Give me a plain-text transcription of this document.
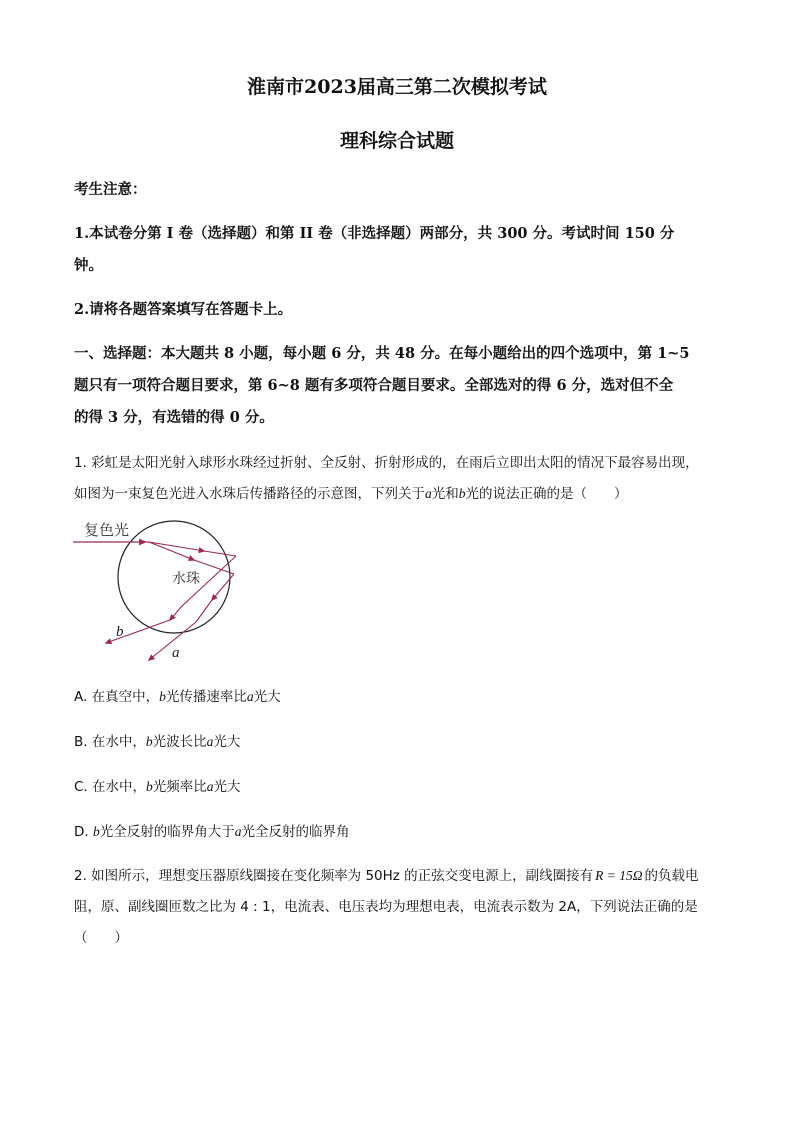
淮南市2023届高三第二次模拟考试
理科综合试题
考生注意：
1.本试卷分第 I 卷（选择题）和第 II 卷（非选择题）两部分，共 300 分。考试时间 150 分
钟。
2.请将各题答案填写在答题卡上。
一、选择题：本大题共 8 小题，每小题 6 分，共 48 分。在每小题给出的四个选项中，第 1~5
题只有一项符合题目要求，第 6~8 题有多项符合题目要求。全部选对的得 6 分，选对但不全
的得 3 分，有选错的得 0 分。
1. 彩虹是太阳光射入球形水珠经过折射、全反射、折射形成的，在雨后立即出太阳的情况下最容易出现，
如图为一束复色光进入水珠后传播路径的示意图，下列关于a光和b光的说法正确的是（　　）
复色光
水珠
b
a
A. 在真空中，b光传播速率比a光大
B. 在水中，b光波长比a光大
C. 在水中，b光频率比a光大
D. b光全反射的临界角大于a光全反射的临界角
2. 如图所示，理想变压器原线圈接在变化频率为 50Hz 的正弦交变电源上，副线圈接有 R = 15Ω 的负载电
阻，原、副线圈匝数之比为 4 : 1，电流表、电压表均为理想电表，电流表示数为 2A，下列说法正确的是
（　　）
